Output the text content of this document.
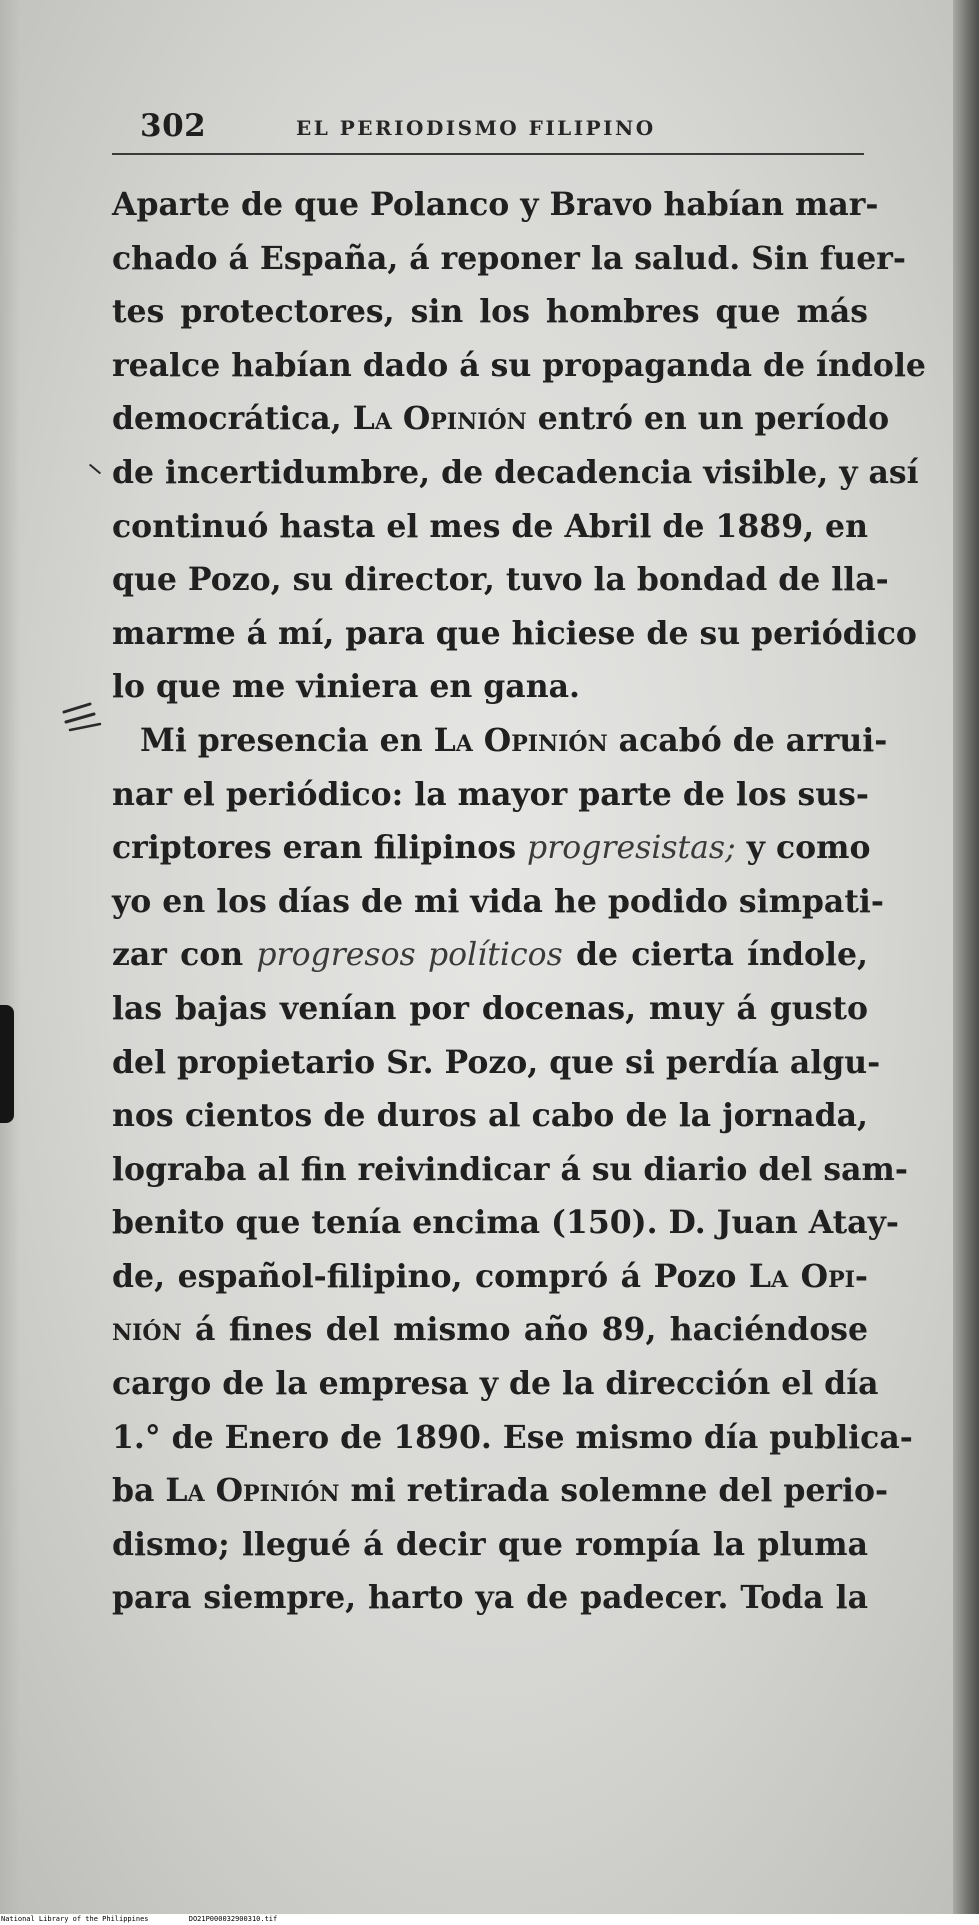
302	EL PERIODISMO FILIPINO
Aparte de que Polanco y Bravo habían mar-
chado á España, á reponer la salud. Sin fuer-
tes protectores, sin los hombres que más
realce habían dado á su propaganda de índole
democrática, La Opinión entró en un período
de incertidumbre, de decadencia visible, y así
continuó hasta el mes de Abril de 1889, en
que Pozo, su director, tuvo la bondad de lla-
marme á mí, para que hiciese de su periódico
lo que me viniera en gana.
Mi presencia en La Opinión acabó de arrui-
nar el periódico: la mayor parte de los sus-
criptores eran filipinos progresistas; y como
yo en los días de mi vida he podido simpati-
zar con progresos políticos de cierta índole,
las bajas venían por docenas, muy á gusto
del propietario Sr. Pozo, que si perdía algu-
nos cientos de duros al cabo de la jornada,
lograba al fin reivindicar á su diario del sam-
benito que tenía encima (150). D. Juan Atay-
de, español-filipino, compró á Pozo La Opi-
nión á fines del mismo año 89, haciéndose
cargo de la empresa y de la dirección el día
1.° de Enero de 1890. Ese mismo día publica-
ba La Opinión mi retirada solemne del perio-
dismo; llegué á decir que rompía la pluma
para siempre, harto ya de padecer. Toda la
National Library of the Philippines	DO21P000032900310.tif
